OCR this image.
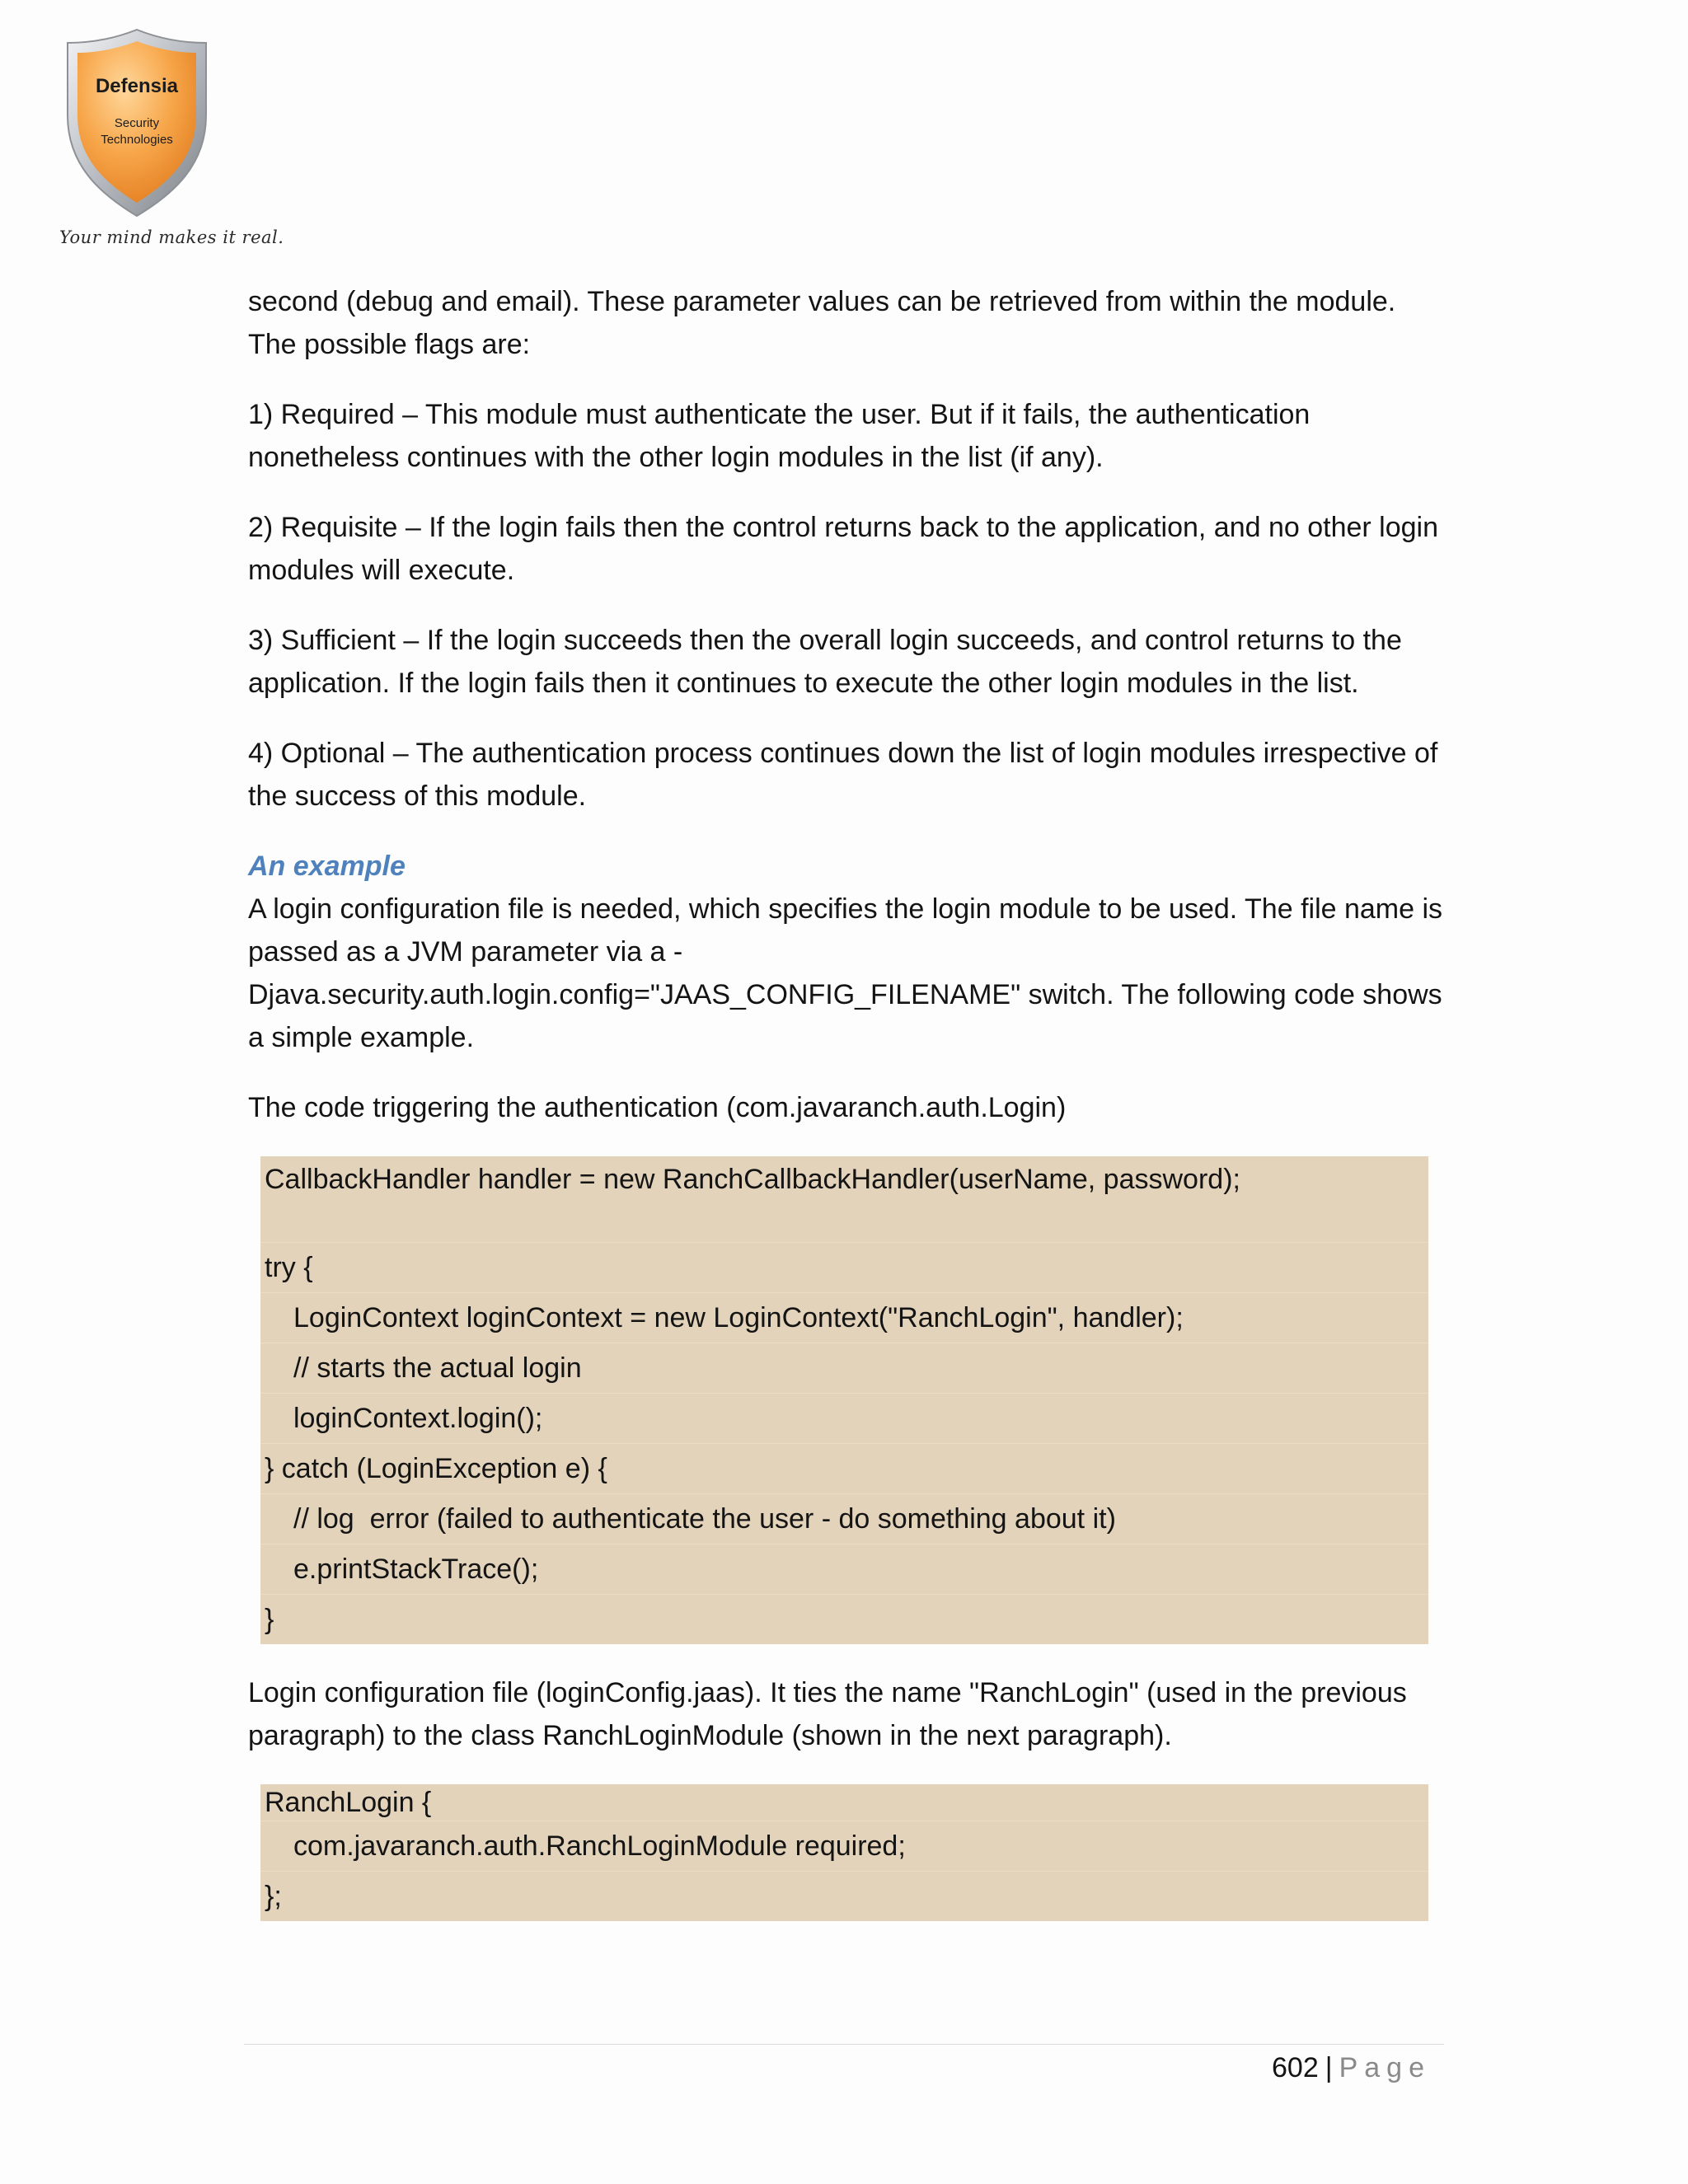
Defensia
Security
Technologies
Your mind makes it real.

second (debug and email). These parameter values can be retrieved from within the module. The possible flags are:

1) Required – This module must authenticate the user. But if it fails, the authentication nonetheless continues with the other login modules in the list (if any).

2) Requisite – If the login fails then the control returns back to the application, and no other login modules will execute.

3) Sufficient – If the login succeeds then the overall login succeeds, and control returns to the application. If the login fails then it continues to execute the other login modules in the list.

4) Optional – The authentication process continues down the list of login modules irrespective of the success of this module.

An example

A login configuration file is needed, which specifies the login module to be used. The file name is passed as a JVM parameter via a -

Djava.security.auth.login.config="JAAS_CONFIG_FILENAME" switch. The following code shows a simple example.

The code triggering the authentication (com.javaranch.auth.Login)

CallbackHandler handler = new RanchCallbackHandler(userName, password);
try {
LoginContext loginContext = new LoginContext("RanchLogin", handler);
// starts the actual login
loginContext.login();
} catch (LoginException e) {
// log  error (failed to authenticate the user - do something about it)
e.printStackTrace();
}

Login configuration file (loginConfig.jaas). It ties the name "RanchLogin" (used in the previous paragraph) to the class RanchLoginModule (shown in the next paragraph).

RanchLogin {
com.javaranch.auth.RanchLoginModule required;
};
602 | Page
